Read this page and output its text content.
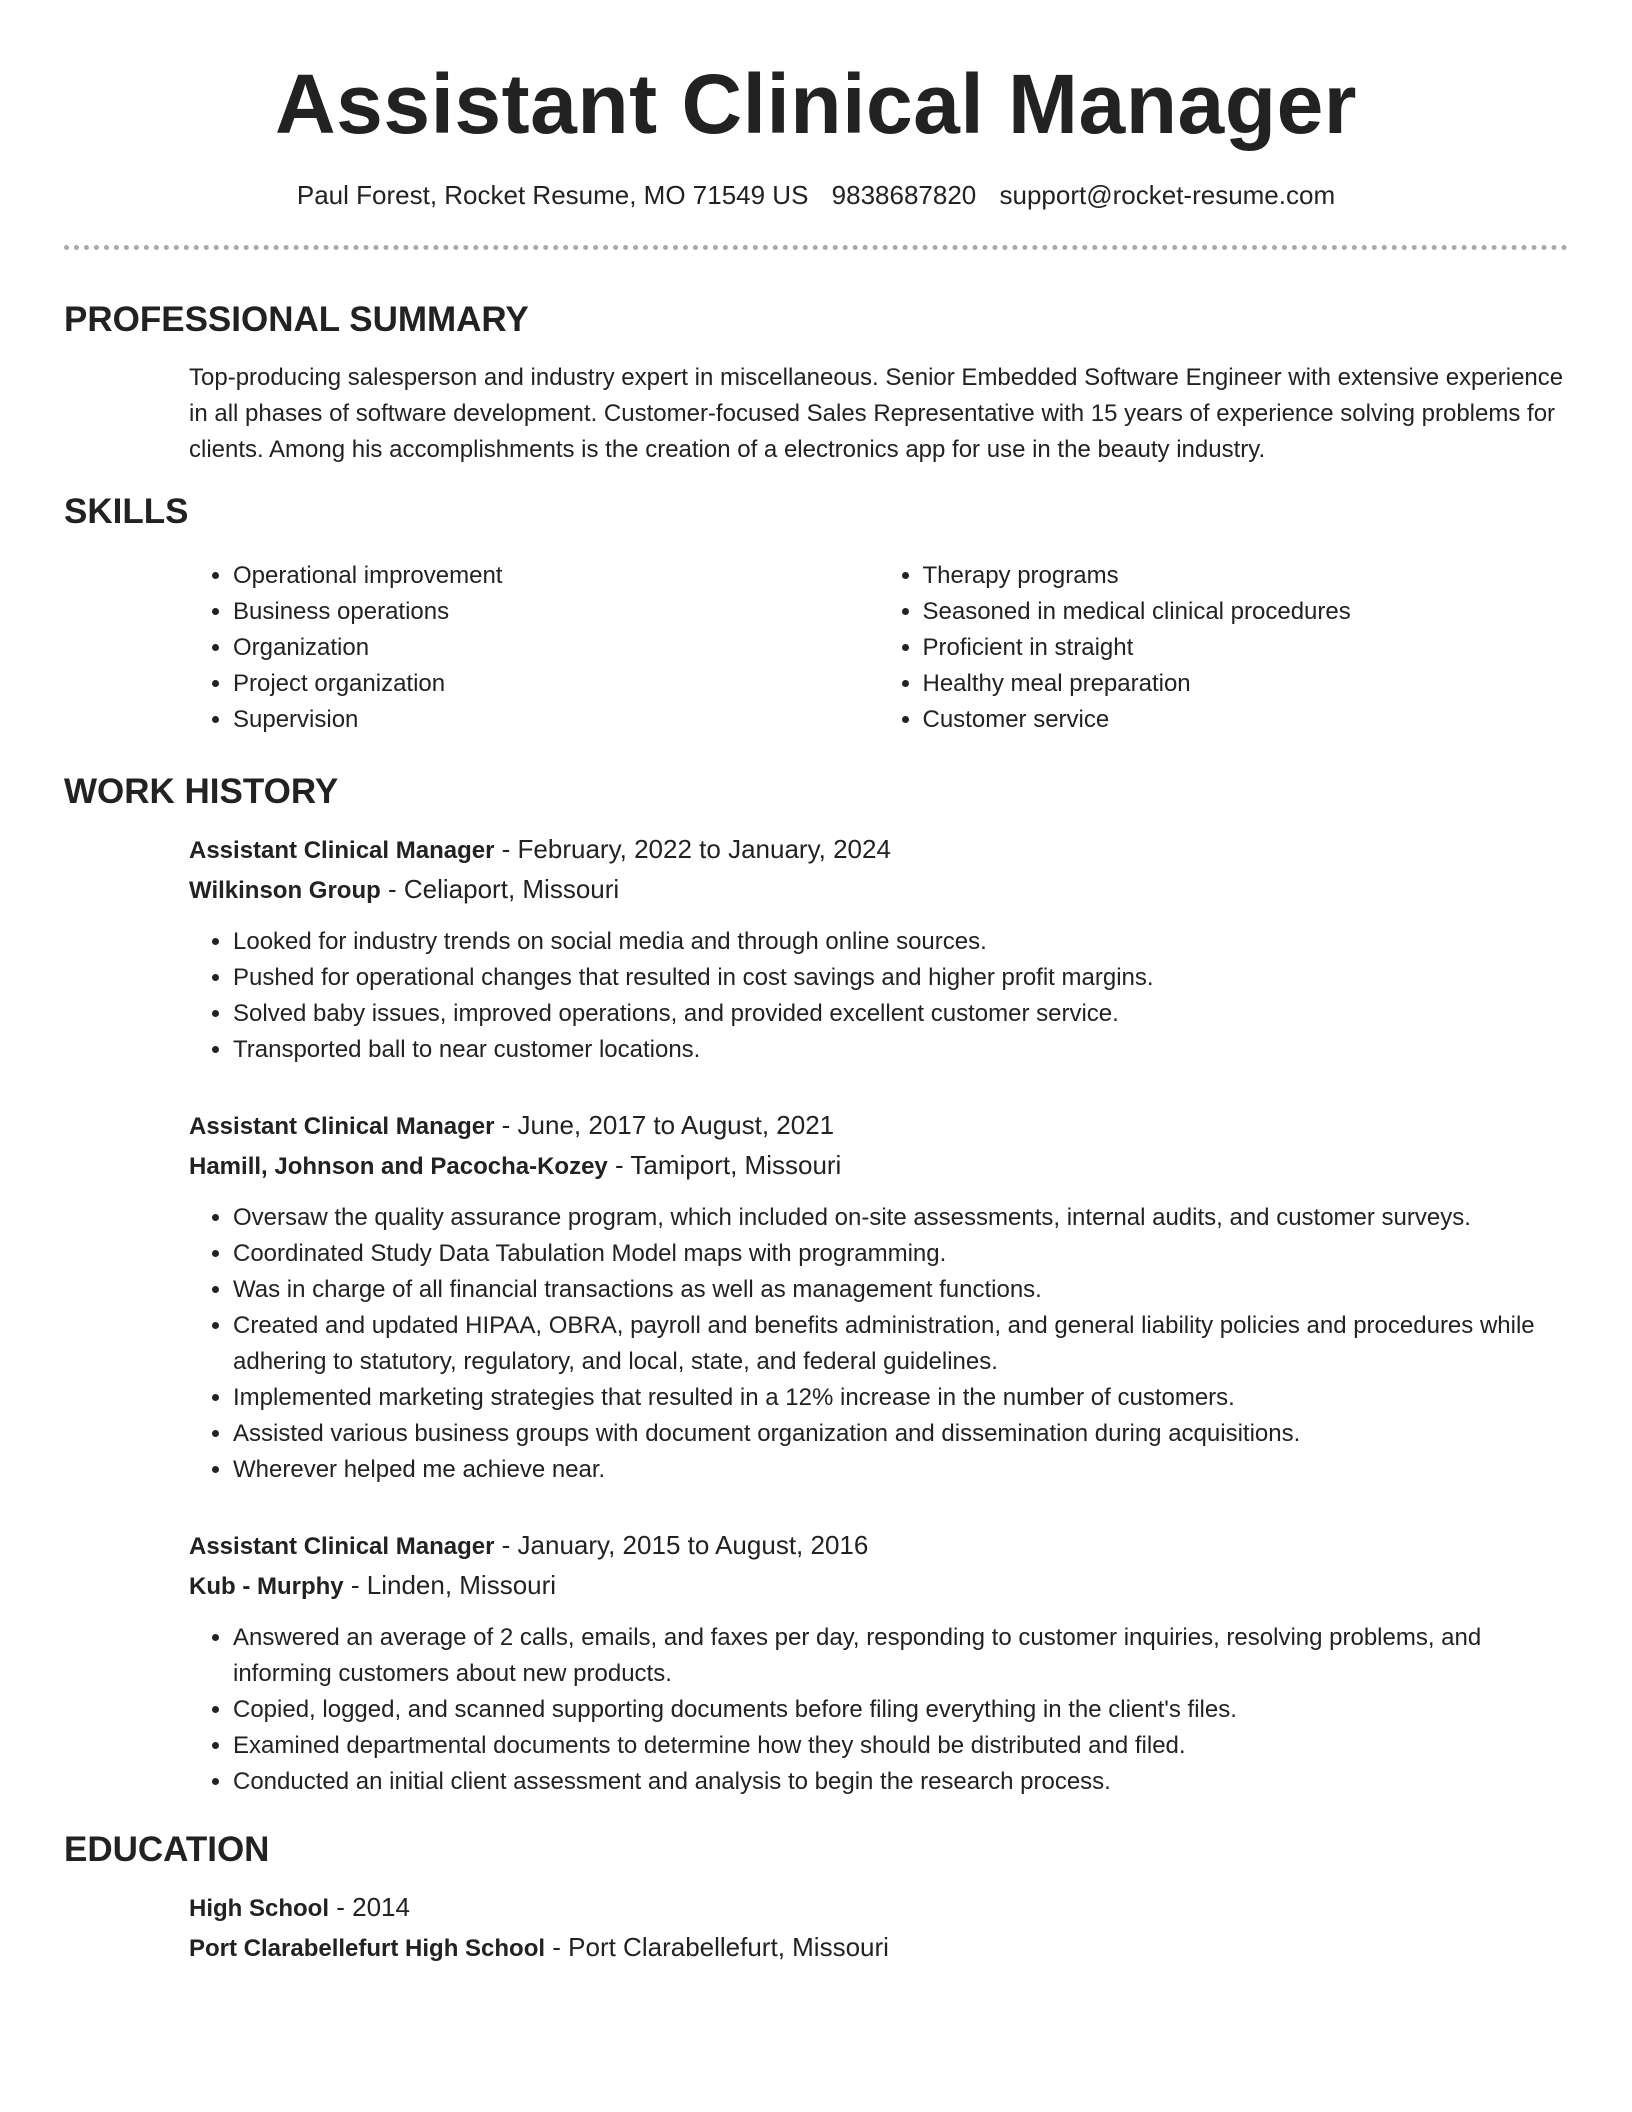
Assistant Clinical Manager
Paul Forest, Rocket Resume, MO 71549 US 9838687820 support@rocket-resume.com
PROFESSIONAL SUMMARY

Top-producing salesperson and industry expert in miscellaneous. Senior Embedded Software Engineer with extensive experience in all phases of software development. Customer-focused Sales Representative with 15 years of experience solving problems for clients. Among his accomplishments is the creation of a electronics app for use in the beauty industry.

SKILLS
• Operational improvement
• Business operations
• Organization
• Project organization
• Supervision
• Therapy programs
• Seasoned in medical clinical procedures
• Proficient in straight
• Healthy meal preparation
• Customer service
WORK HISTORY
Assistant Clinical Manager - February, 2022 to January, 2024
Wilkinson Group - Celiaport, Missouri
• Looked for industry trends on social media and through online sources.
• Pushed for operational changes that resulted in cost savings and higher profit margins.
• Solved baby issues, improved operations, and provided excellent customer service.
• Transported ball to near customer locations.
Assistant Clinical Manager - June, 2017 to August, 2021
Hamill, Johnson and Pacocha-Kozey - Tamiport, Missouri
• Oversaw the quality assurance program, which included on-site assessments, internal audits, and customer surveys.
• Coordinated Study Data Tabulation Model maps with programming.
• Was in charge of all financial transactions as well as management functions.
• Created and updated HIPAA, OBRA, payroll and benefits administration, and general liability policies and procedures while adhering to statutory, regulatory, and local, state, and federal guidelines.
• Implemented marketing strategies that resulted in a 12% increase in the number of customers.
• Assisted various business groups with document organization and dissemination during acquisitions.
• Wherever helped me achieve near.
Assistant Clinical Manager - January, 2015 to August, 2016
Kub - Murphy - Linden, Missouri
• Answered an average of 2 calls, emails, and faxes per day, responding to customer inquiries, resolving problems, and informing customers about new products.
• Copied, logged, and scanned supporting documents before filing everything in the client's files.
• Examined departmental documents to determine how they should be distributed and filed.
• Conducted an initial client assessment and analysis to begin the research process.
EDUCATION
High School - 2014
Port Clarabellefurt High School - Port Clarabellefurt, Missouri
